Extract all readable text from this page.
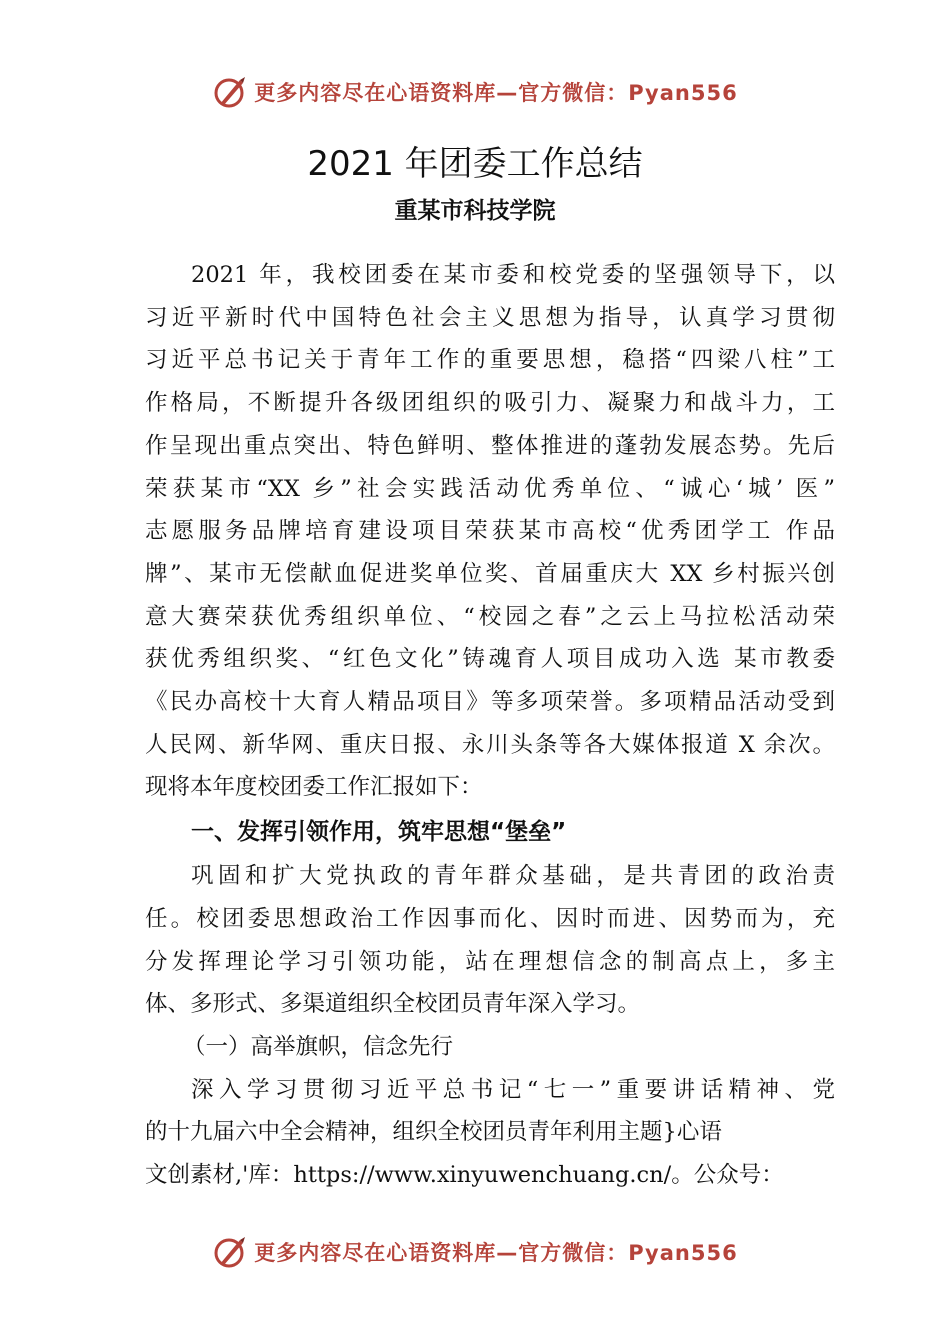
更多内容尽在心语资料库—官方微信：Pyan556
2021 年团委工作总结
重某市科技学院
2021 年，我校团委在某市委和校党委的坚强领导下，以
习近平新时代中国特色社会主义思想为指导，认真学习贯彻
习近平总书记关于青年工作的重要思想，稳搭“四梁八柱”工
作格局，不断提升各级团组织的吸引力、凝聚力和战斗力，工
作呈现出重点突出、特色鲜明、整体推进的蓬勃发展态势。先后
荣获某市“XX 乡”社会实践活动优秀单位、“诚心‘城’ 医”
志愿服务品牌培育建设项目荣获某市高校“优秀团学工 作品
牌”、某市无偿献血促进奖单位奖、首届重庆大 XX 乡村振兴创
意大赛荣获优秀组织单位、“校园之春”之云上马拉松活动荣
获优秀组织奖、“红色文化”铸魂育人项目成功入选 某市教委
《民办高校十大育人精品项目》等多项荣誉。多项精品活动受到
人民网、新华网、重庆日报、永川头条等各大媒体报道 X 余次。
现将本年度校团委工作汇报如下：
一、发挥引领作用，筑牢思想“堡垒”
巩固和扩大党执政的青年群众基础，是共青团的政治责
任。校团委思想政治工作因事而化、因时而进、因势而为，充
分发挥理论学习引领功能，站在理想信念的制高点上，多主
体、多形式、多渠道组织全校团员青年深入学习。
（一）高举旗帜，信念先行
深入学习贯彻习近平总书记“七一”重要讲话精神、党
的十九届六中全会精神，组织全校团员青年利用主题}心语
文创素材,'库：https://www.xinyuwenchuang.cn/。公众号：
更多内容尽在心语资料库—官方微信：Pyan556
